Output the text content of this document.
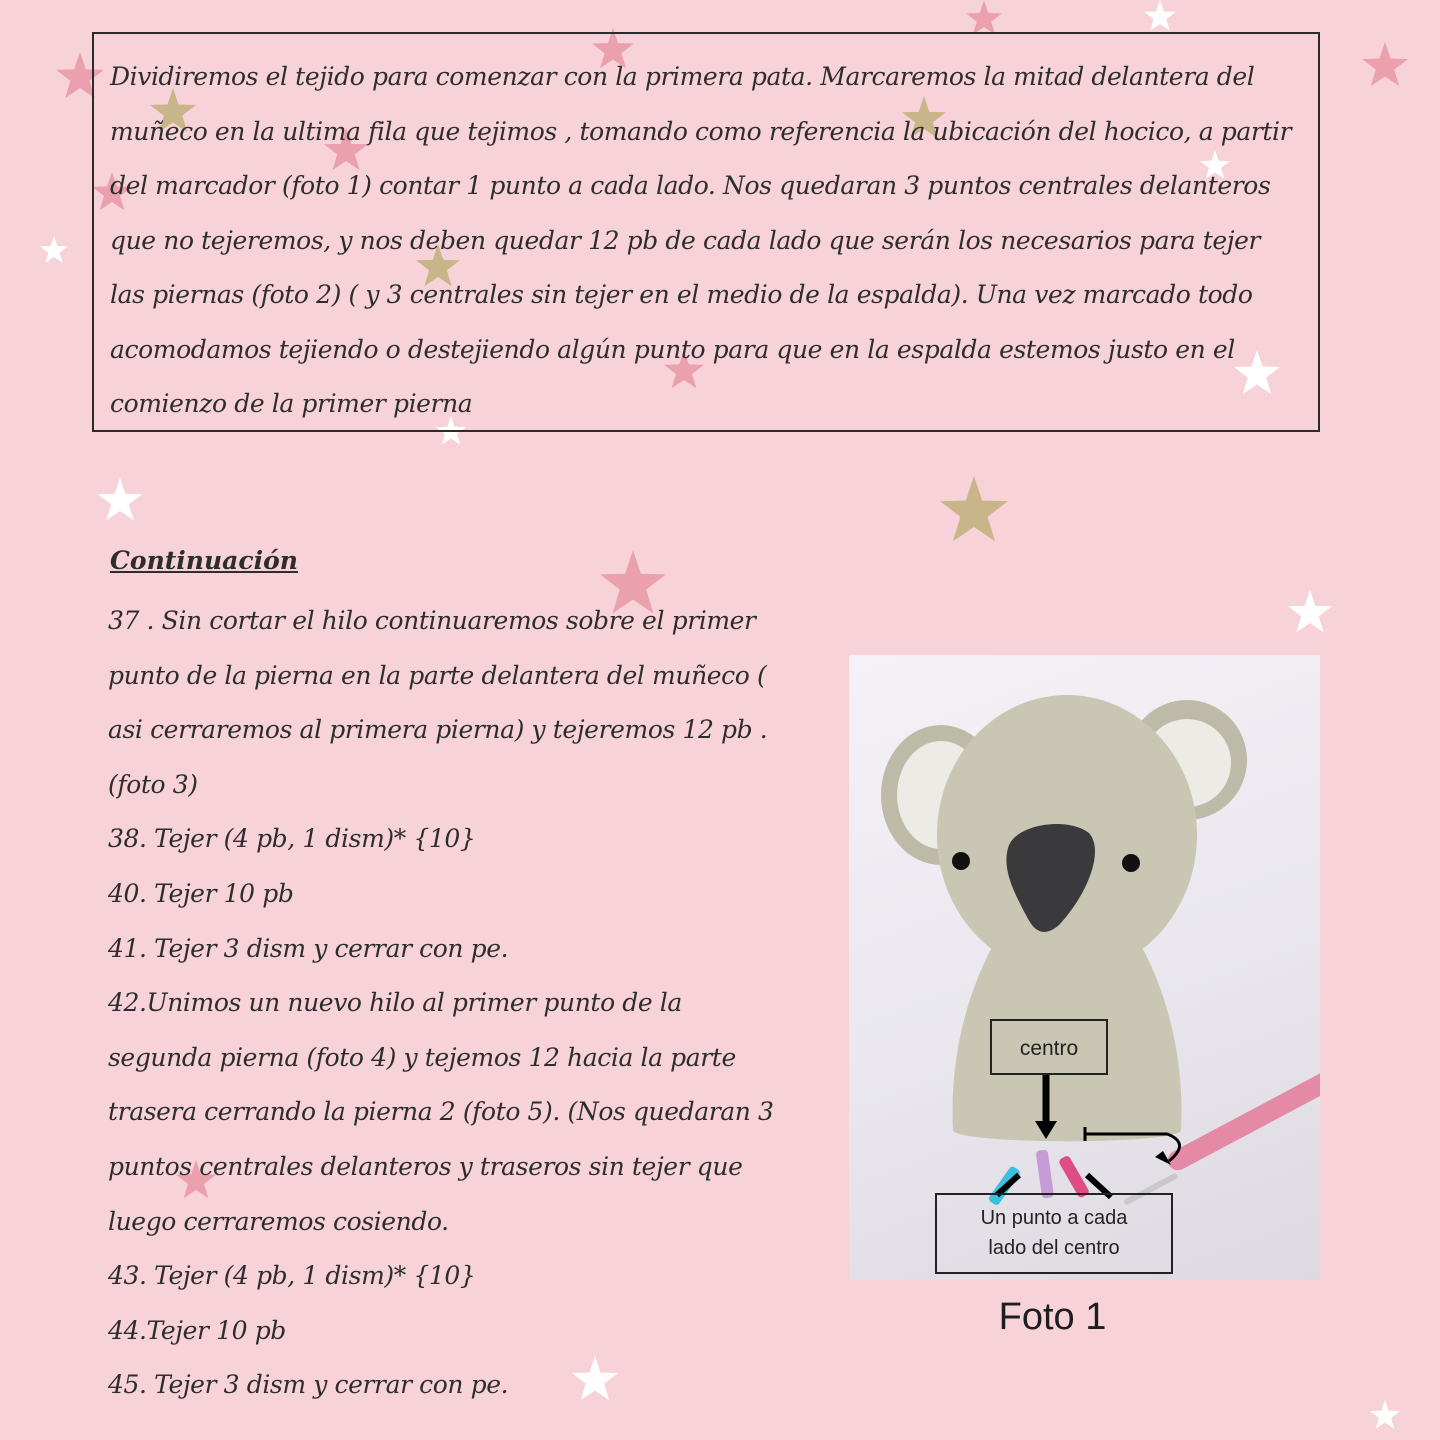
Dividiremos el tejido para comenzar con la primera pata. Marcaremos la mitad delantera del muñeco en la ultima fila que tejimos , tomando como referencia la ubicación del hocico, a partir del marcador (foto 1) contar 1 punto a cada lado. Nos quedaran 3 puntos centrales delanteros que no tejeremos, y nos deben quedar 12 pb de cada lado que serán los necesarios para tejer las piernas (foto 2) ( y 3 centrales sin tejer en el medio de la espalda). Una vez marcado todo acomodamos tejiendo o destejiendo algún punto para que en la espalda estemos justo en el comienzo de la primer pierna

Continuación
37 . Sin cortar el hilo continuaremos sobre el primer
punto de la pierna en la parte delantera del muñeco (
asi cerraremos al primera pierna) y tejeremos 12 pb .
(foto 3)
38. Tejer (4 pb, 1 dism)* {10}
40. Tejer 10 pb
41. Tejer 3 dism y cerrar con pe.
42.Unimos un nuevo hilo al primer punto de la
segunda pierna (foto 4) y tejemos 12 hacia la parte
trasera cerrando la pierna 2 (foto 5). (Nos quedaran 3
puntos centrales delanteros y traseros sin tejer que
luego cerraremos cosiendo.
43. Tejer (4 pb, 1 dism)* {10}
44.Tejer 10 pb
45. Tejer 3 dism y cerrar con pe.
centro
Un punto a cada
lado del centro
Foto 1
